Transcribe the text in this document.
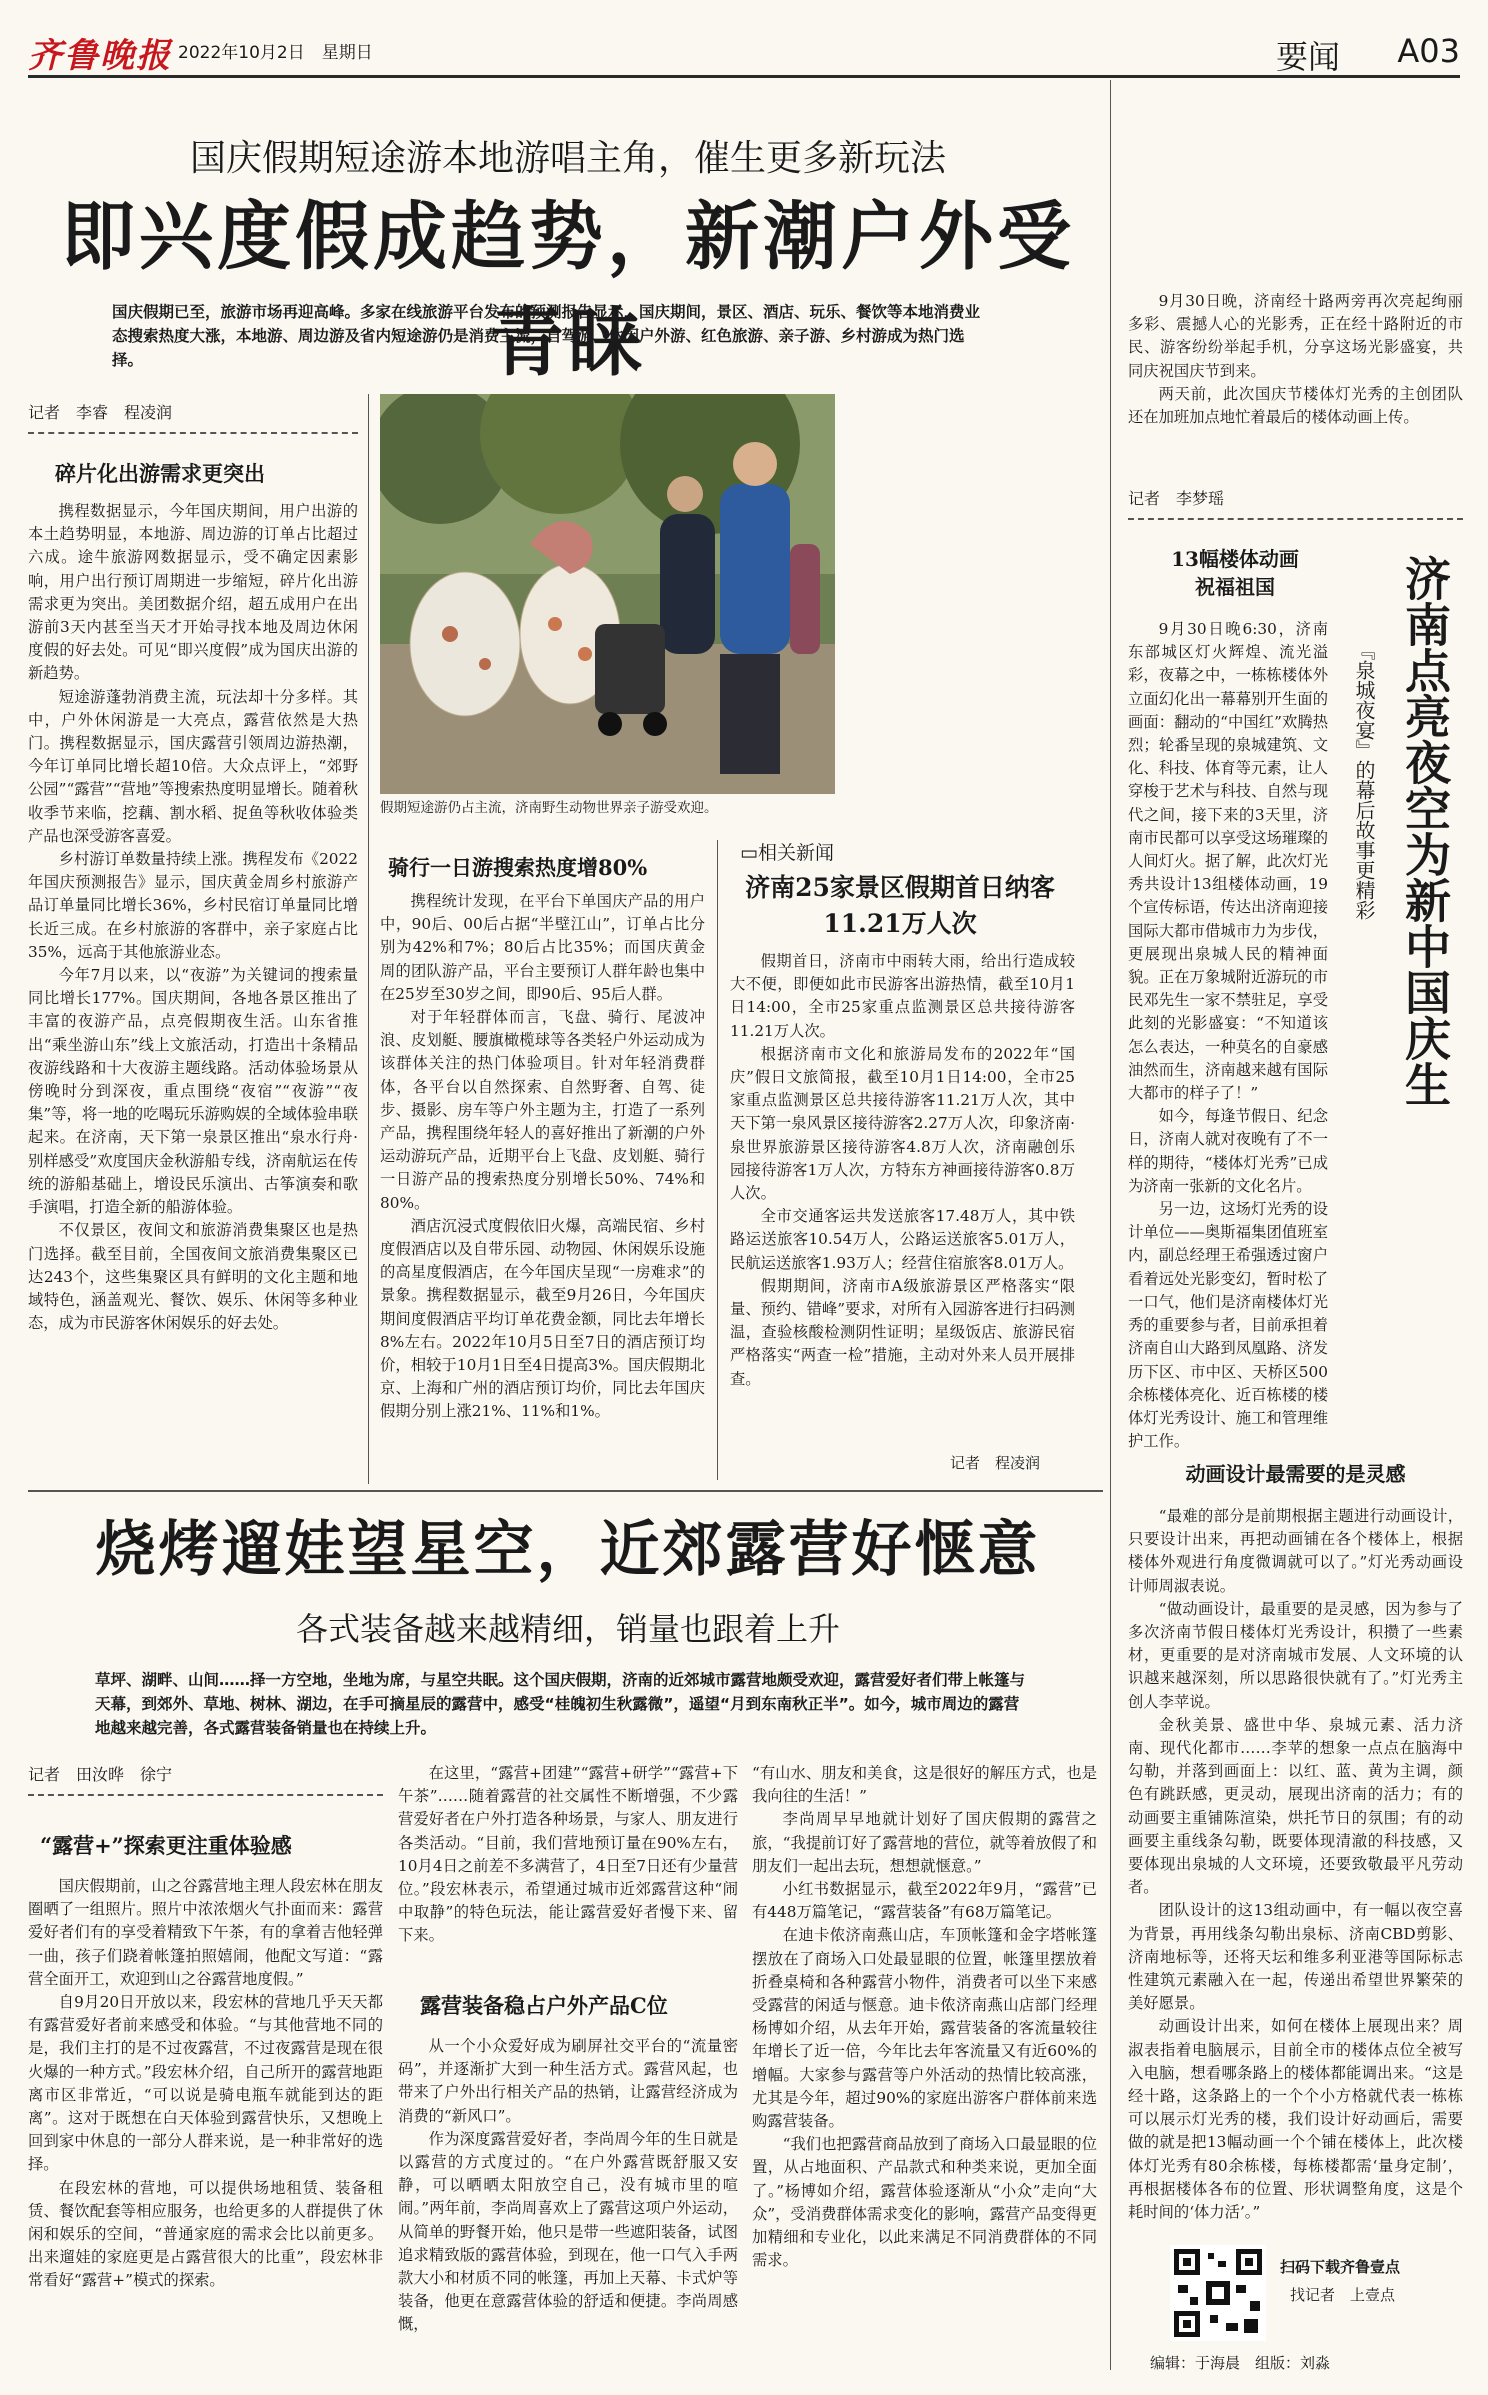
齐鲁晚报 2022年10月2日　星期日	要闻 A03
国庆假期短途游本地游唱主角，催生更多新玩法
即兴度假成趋势，新潮户外受青睐
国庆假期已至，旅游市场再迎高峰。多家在线旅游平台发布的预测报告显示，国庆期间，景区、酒店、玩乐、餐饮等本地消费业态搜索热度大涨，本地游、周边游及省内短途游仍是消费主流，自驾游、休闲户外游、红色旅游、亲子游、乡村游成为热门选择。
记者　李睿　程凌润
碎片化出游需求更突出

携程数据显示，今年国庆期间，用户出游的本土趋势明显，本地游、周边游的订单占比超过六成。途牛旅游网数据显示，受不确定因素影响，用户出行预订周期进一步缩短，碎片化出游需求更为突出。美团数据介绍，超五成用户在出游前3天内甚至当天才开始寻找本地及周边休闲度假的好去处。可见“即兴度假”成为国庆出游的新趋势。

短途游蓬勃消费主流，玩法却十分多样。其中，户外休闲游是一大亮点，露营依然是大热门。携程数据显示，国庆露营引领周边游热潮，今年订单同比增长超10倍。大众点评上，“郊野公园”“露营”“营地”等搜索热度明显增长。随着秋收季节来临，挖藕、割水稻、捉鱼等秋收体验类产品也深受游客喜爱。

乡村游订单数量持续上涨。携程发布《2022年国庆预测报告》显示，国庆黄金周乡村旅游产品订单量同比增长36%，乡村民宿订单量同比增长近三成。在乡村旅游的客群中，亲子家庭占比35%，远高于其他旅游业态。

今年7月以来，以“夜游”为关键词的搜索量同比增长177%。国庆期间，各地各景区推出了丰富的夜游产品，点亮假期夜生活。山东省推出“乘坐游山东”线上文旅活动，打造出十条精品夜游线路和十大夜游主题线路。活动体验场景从傍晚时分到深夜，重点围绕“夜宿”“夜游”“夜集”等，将一地的吃喝玩乐游购娱的全域体验串联起来。在济南，天下第一泉景区推出“泉水行舟·别样感受”欢度国庆金秋游船专线，济南航运在传统的游船基础上，增设民乐演出、古筝演奏和歌手演唱，打造全新的船游体验。

不仅景区，夜间文和旅游消费集聚区也是热门选择。截至目前，全国夜间文旅消费集聚区已达243个，这些集聚区具有鲜明的文化主题和地域特色，涵盖观光、餐饮、娱乐、休闲等多种业态，成为市民游客休闲娱乐的好去处。

假期短途游仍占主流，济南野生动物世界亲子游受欢迎。
骑行一日游搜索热度增80%

携程统计发现，在平台下单国庆产品的用户中，90后、00后占据“半壁江山”，订单占比分别为42%和7%；80后占比35%；而国庆黄金周的团队游产品，平台主要预订人群年龄也集中在25岁至30岁之间，即90后、95后人群。

对于年轻群体而言，飞盘、骑行、尾波冲浪、皮划艇、腰旗橄榄球等各类轻户外运动成为该群体关注的热门体验项目。针对年轻消费群体，各平台以自然探索、自然野奢、自驾、徒步、摄影、房车等户外主题为主，打造了一系列产品，携程围绕年轻人的喜好推出了新潮的户外运动游玩产品，近期平台上飞盘、皮划艇、骑行一日游产品的搜索热度分别增长50%、74%和80%。

酒店沉浸式度假依旧火爆，高端民宿、乡村度假酒店以及自带乐园、动物园、休闲娱乐设施的高星度假酒店，在今年国庆呈现“一房难求”的景象。携程数据显示，截至9月26日，今年国庆期间度假酒店平均订单花费金额，同比去年增长8%左右。2022年10月5日至7日的酒店预订均价，相较于10月1日至4日提高3%。国庆假期北京、上海和广州的酒店预订均价，同比去年国庆假期分别上涨21%、11%和1%。

▭相关新闻
济南25家景区假期首日纳客11.21万人次

假期首日，济南市中雨转大雨，给出行造成较大不便，即便如此市民游客出游热情，截至10月1日14:00，全市25家重点监测景区总共接待游客11.21万人次。

根据济南市文化和旅游局发布的2022年“国庆”假日文旅简报，截至10月1日14:00，全市25家重点监测景区总共接待游客11.21万人次，其中天下第一泉风景区接待游客2.27万人次，印象济南·泉世界旅游景区接待游客4.8万人次，济南融创乐园接待游客1万人次，方特东方神画接待游客0.8万人次。

全市交通客运共发送旅客17.48万人，其中铁路运送旅客10.54万人，公路运送旅客5.01万人，民航运送旅客1.93万人；经营住宿旅客8.01万人。

假期期间，济南市A级旅游景区严格落实“限量、预约、错峰”要求，对所有入园游客进行扫码测温，查验核酸检测阴性证明；星级饭店、旅游民宿严格落实“两查一检”措施，主动对外来人员开展排查。

记者　程凌润

9月30日晚，济南经十路两旁再次亮起绚丽多彩、震撼人心的光影秀，正在经十路附近的市民、游客纷纷举起手机，分享这场光影盛宴，共同庆祝国庆节到来。

两天前，此次国庆节楼体灯光秀的主创团队还在加班加点地忙着最后的楼体动画上传。

记者　李梦瑶
济南点亮夜空为新中国庆生
『泉城夜宴』的幕后故事更精彩
13幅楼体动画
祝福祖国

9月30日晚6:30，济南东部城区灯火辉煌、流光溢彩，夜幕之中，一栋栋楼体外立面幻化出一幕幕别开生面的画面：翻动的“中国红”欢腾热烈；轮番呈现的泉城建筑、文化、科技、体育等元素，让人穿梭于艺术与科技、自然与现代之间，接下来的3天里，济南市民都可以享受这场璀璨的人间灯火。据了解，此次灯光秀共设计13组楼体动画，19个宣传标语，传达出济南迎接国际大都市借城市力为步伐，更展现出泉城人民的精神面貌。正在万象城附近游玩的市民邓先生一家不禁驻足，享受此刻的光影盛宴：“不知道该怎么表达，一种莫名的自豪感油然而生，济南越来越有国际大都市的样子了！”

如今，每逢节假日、纪念日，济南人就对夜晚有了不一样的期待，“楼体灯光秀”已成为济南一张新的文化名片。

另一边，这场灯光秀的设计单位——奥斯福集团值班室内，副总经理王希强透过窗户看着远处光影变幻，暂时松了一口气，他们是济南楼体灯光秀的重要参与者，目前承担着济南自山大路到凤凰路、济发历下区、市中区、天桥区500余栋楼体亮化、近百栋楼的楼体灯光秀设计、施工和管理维护工作。

动画设计最需要的是灵感

“最难的部分是前期根据主题进行动画设计，只要设计出来，再把动画铺在各个楼体上，根据楼体外观进行角度微调就可以了。”灯光秀动画设计师周淑表说。

“做动画设计，最重要的是灵感，因为参与了多次济南节假日楼体灯光秀设计，积攒了一些素材，更重要的是对济南城市发展、人文环境的认识越来越深刻，所以思路很快就有了。”灯光秀主创人李苹说。

金秋美景、盛世中华、泉城元素、活力济南、现代化都市……李苹的想象一点点在脑海中勾勒，并落到画面上：以红、蓝、黄为主调，颜色有跳跃感，更灵动，展现出济南的活力；有的动画要主重铺陈渲染，烘托节日的氛围；有的动画要主重线条勾勒，既要体现清澈的科技感，又要体现出泉城的人文环境，还要致敬最平凡劳动者。

团队设计的这13组动画中，有一幅以夜空喜为背景，再用线条勾勒出泉标、济南CBD剪影、济南地标等，还将天坛和维多利亚港等国际标志性建筑元素融入在一起，传递出希望世界繁荣的美好愿景。

动画设计出来，如何在楼体上展现出来？周淑表指着电脑展示，目前全市的楼体点位全被写入电脑，想看哪条路上的楼体都能调出来。“这是经十路，这条路上的一个个小方格就代表一栋栋可以展示灯光秀的楼，我们设计好动画后，需要做的就是把13幅动画一个个铺在楼体上，此次楼体灯光秀有80余栋楼，每栋楼都需‘量身定制’，再根据楼体各布的位置、形状调整角度，这是个耗时间的‘体力活’。”

烧烤遛娃望星空，近郊露营好惬意
各式装备越来越精细，销量也跟着上升
草坪、湖畔、山间……择一方空地，坐地为席，与星空共眠。这个国庆假期，济南的近郊城市露营地颇受欢迎，露营爱好者们带上帐篷与天幕，到郊外、草地、树林、湖边，在手可摘星辰的露营中，感受“桂魄初生秋露微”，遥望“月到东南秋正半”。如今，城市周边的露营地越来越完善，各式露营装备销量也在持续上升。
记者　田汝晔　徐宁
“露营+”探索更注重体验感

国庆假期前，山之谷露营地主理人段宏林在朋友圈晒了一组照片。照片中浓浓烟火气扑面而来：露营爱好者们有的享受着精致下午茶，有的拿着吉他轻弹一曲，孩子们跷着帐篷拍照嬉闹，他配文写道：“露营全面开工，欢迎到山之谷露营地度假。”

自9月20日开放以来，段宏林的营地几乎天天都有露营爱好者前来感受和体验。“与其他营地不同的是，我们主打的是不过夜露营，不过夜露营是现在很火爆的一种方式。”段宏林介绍，自己所开的露营地距离市区非常近，“可以说是骑电瓶车就能到达的距离”。这对于既想在白天体验到露营快乐，又想晚上回到家中休息的一部分人群来说，是一种非常好的选择。

在段宏林的营地，可以提供场地租赁、装备租赁、餐饮配套等相应服务，也给更多的人群提供了休闲和娱乐的空间，“普通家庭的需求会比以前更多。出来遛娃的家庭更是占露营很大的比重”，段宏林非常看好“露营+”模式的探索。

在这里，“露营+团建”“露营+研学”“露营+下午茶”……随着露营的社交属性不断增强，不少露营爱好者在户外打造各种场景，与家人、朋友进行各类活动。“目前，我们营地预订量在90%左右，10月4日之前差不多满营了，4日至7日还有少量营位。”段宏林表示，希望通过城市近郊露营这种“闹中取静”的特色玩法，能让露营爱好者慢下来、留下来。

露营装备稳占户外产品C位

从一个小众爱好成为刷屏社交平台的“流量密码”，并逐渐扩大到一种生活方式。露营风起，也带来了户外出行相关产品的热销，让露营经济成为消费的“新风口”。

作为深度露营爱好者，李尚周今年的生日就是以露营的方式度过的。“在户外露营既舒服又安静，可以晒晒太阳放空自己，没有城市里的喧闹。”两年前，李尚周喜欢上了露营这项户外运动，从简单的野餐开始，他只是带一些遮阳装备，试图追求精致版的露营体验，到现在，他一口气入手两款大小和材质不同的帐篷，再加上天幕、卡式炉等装备，他更在意露营体验的舒适和便捷。李尚周感慨，

“有山水、朋友和美食，这是很好的解压方式，也是我向往的生活！”

李尚周早早地就计划好了国庆假期的露营之旅，“我提前订好了露营地的营位，就等着放假了和朋友们一起出去玩，想想就惬意。”

小红书数据显示，截至2022年9月，“露营”已有448万篇笔记，“露营装备”有68万篇笔记。

在迪卡侬济南燕山店，车顶帐篷和金字塔帐篷摆放在了商场入口处最显眼的位置，帐篷里摆放着折叠桌椅和各种露营小物件，消费者可以坐下来感受露营的闲适与惬意。迪卡侬济南燕山店部门经理杨博如介绍，从去年开始，露营装备的客流量较往年增长了近一倍，今年比去年客流量又有近60%的增幅。大家参与露营等户外活动的热情比较高涨，尤其是今年，超过90%的家庭出游客户群体前来选购露营装备。

“我们也把露营商品放到了商场入口最显眼的位置，从占地面积、产品款式和种类来说，更加全面了。”杨博如介绍，露营体验逐渐从“小众”走向“大众”，受消费群体需求变化的影响，露营产品变得更加精细和专业化，以此来满足不同消费群体的不同需求。	扫码下载齐鲁壹点
找记者　上壹点
编辑：于海晨　组版：刘淼
